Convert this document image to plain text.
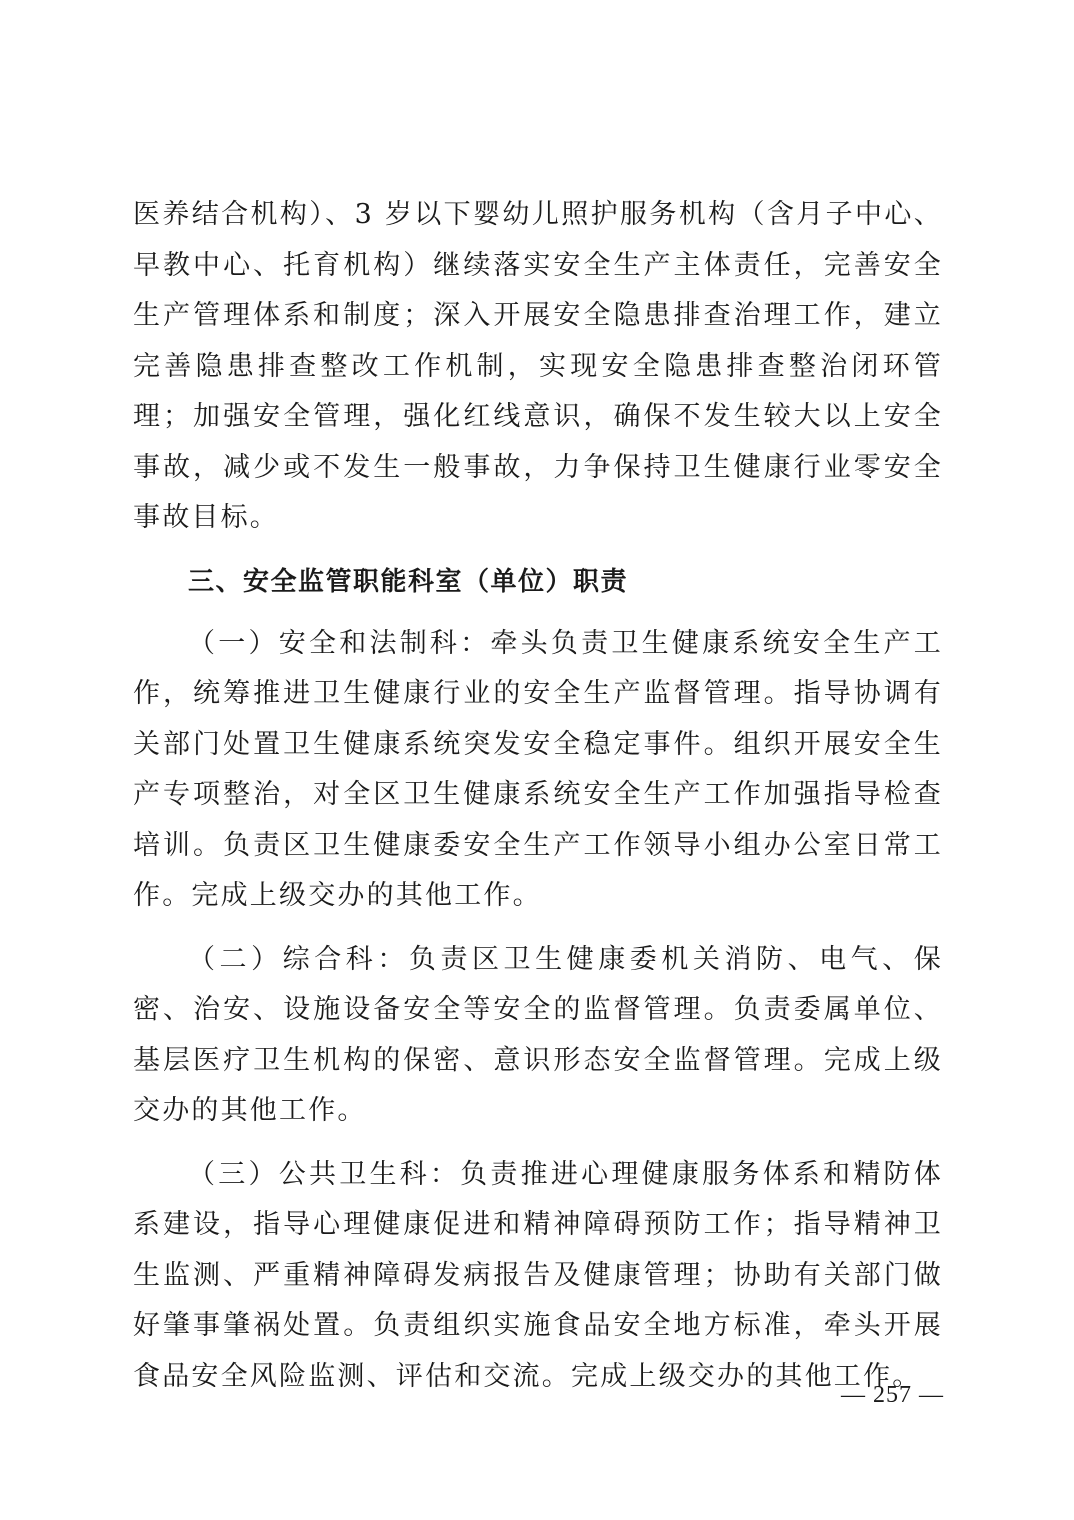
医养结合机构）、3 岁以下婴幼儿照护服务机构（含月子中心、早教中心、托育机构）继续落实安全生产主体责任，完善安全生产管理体系和制度；深入开展安全隐患排查治理工作，建立完善隐患排查整改工作机制，实现安全隐患排查整治闭环管理；加强安全管理，强化红线意识，确保不发生较大以上安全事故，减少或不发生一般事故，力争保持卫生健康行业零安全事故目标。

三、安全监管职能科室（单位）职责

（一）安全和法制科：牵头负责卫生健康系统安全生产工作，统筹推进卫生健康行业的安全生产监督管理。指导协调有关部门处置卫生健康系统突发安全稳定事件。组织开展安全生产专项整治，对全区卫生健康系统安全生产工作加强指导检查培训。负责区卫生健康委安全生产工作领导小组办公室日常工作。完成上级交办的其他工作。

（二）综合科：负责区卫生健康委机关消防、电气、保密、治安、设施设备安全等安全的监督管理。负责委属单位、基层医疗卫生机构的保密、意识形态安全监督管理。完成上级交办的其他工作。

（三）公共卫生科：负责推进心理健康服务体系和精防体系建设，指导心理健康促进和精神障碍预防工作；指导精神卫生监测、严重精神障碍发病报告及健康管理；协助有关部门做好肇事肇祸处置。负责组织实施食品安全地方标准，牵头开展食品安全风险监测、评估和交流。完成上级交办的其他工作。

— 257 —
